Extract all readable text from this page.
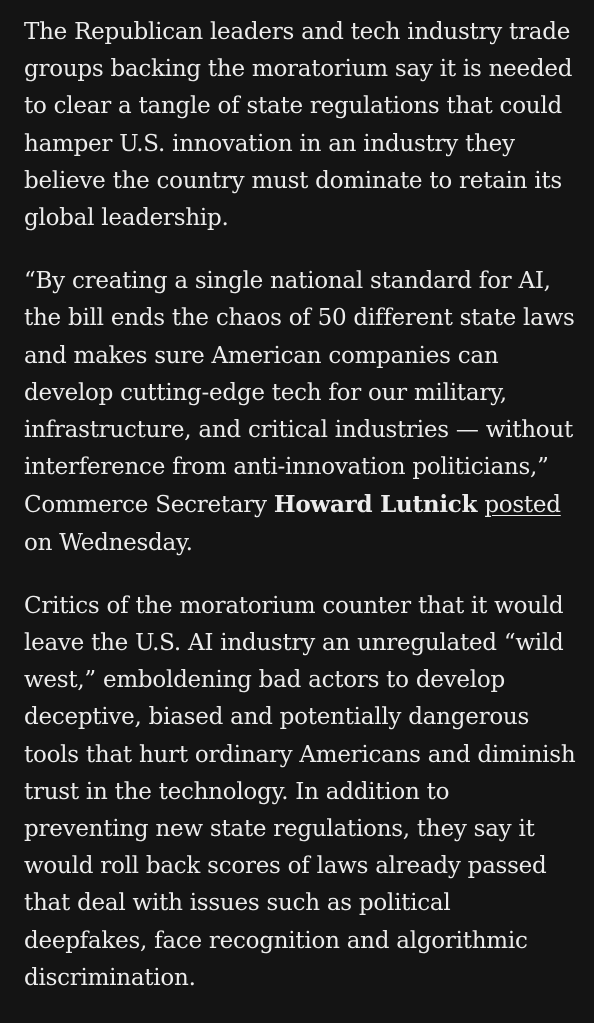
The Republican leaders and tech industry trade groups backing the moratorium say it is needed to clear a tangle of state regulations that could hamper U.S. innovation in an industry they believe the country must dominate to retain its global leadership.

“By creating a single national standard for AI, the bill ends the chaos of 50 different state laws and makes sure American companies can develop cutting-edge tech for our military, infrastructure, and critical industries — without interference from anti-innovation politicians,” Commerce Secretary Howard Lutnick posted on Wednesday.

Critics of the moratorium counter that it would leave the U.S. AI industry an unregulated “wild west,” emboldening bad actors to develop deceptive, biased and potentially dangerous tools that hurt ordinary Americans and diminish trust in the technology. In addition to preventing new state regulations, they say it would roll back scores of laws already passed that deal with issues such as political deepfakes, face recognition and algorithmic discrimination.
